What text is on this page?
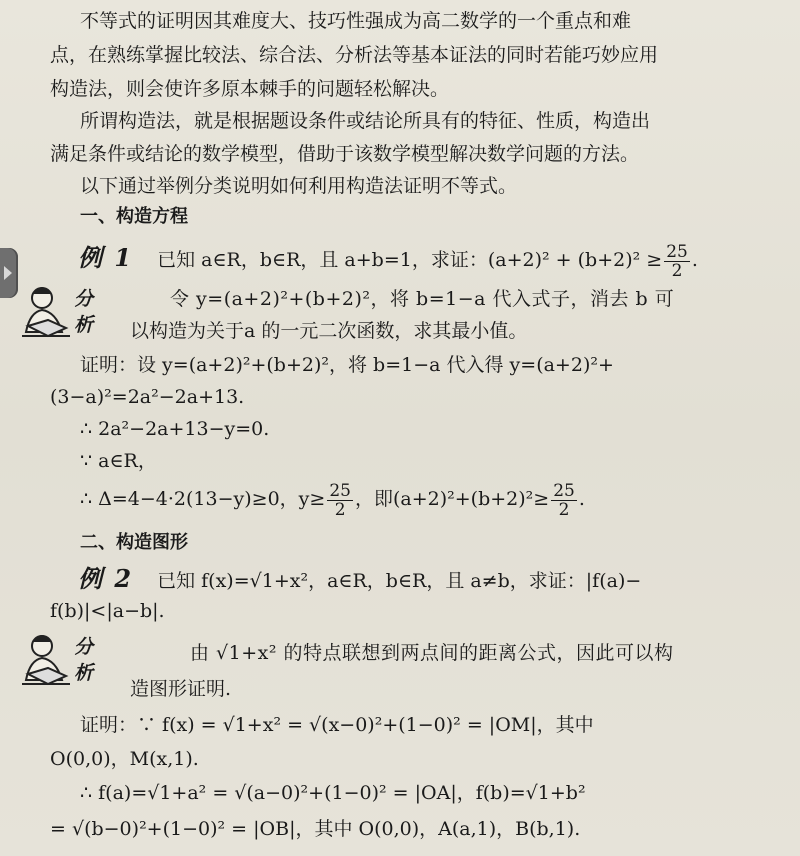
不等式的证明因其难度大、技巧性强成为高二数学的一个重点和难
点，在熟练掌握比较法、综合法、分析法等基本证法的同时若能巧妙应用
构造法，则会使许多原本棘手的问题轻松解决。
所谓构造法，就是根据题设条件或结论所具有的特征、性质，构造出
满足条件或结论的数学模型，借助于该数学模型解决数学问题的方法。
以下通过举例分类说明如何利用构造法证明不等式。
一、构造方程
例 1 已知 a∈R，b∈R，且 a+b=1，求证：$(a+2)^2 + (b+2)^2 \ge \frac{25}{2}$ .
分
析
令 y=(a+2)²+(b+2)²，将 b=1−a 代入式子，消去 b 可
以构造为关于a 的一元二次函数，求其最小值。
证明：设 y=(a+2)²+(b+2)²，将 b=1−a 代入得 y=(a+2)²+
(3−a)²=2a²−2a+13.
∴ 2a²−2a+13−y=0.
∵ a∈R，
∴ Δ=4−4·2(13−y)≥0，$y\ge \frac{25}{2}$ ，即$(a+2)^2+(b+2)^2\ge \frac{25}{2}$ .
二、构造图形
例 2 已知 f(x)=√1+x²，a∈R，b∈R，且 a≠b，求证：|f(a)−
f(b)|<|a−b|.
分
析
由 √1+x² 的特点联想到两点间的距离公式，因此可以构
造图形证明.
证明：∵ f(x) = √1+x² = √(x−0)²+(1−0)² = |OM|，其中
O(0,0)，M(x,1).
∴ f(a)=√1+a² = √(a−0)²+(1−0)² = |OA|，f(b)=√1+b²
= √(b−0)²+(1−0)² = |OB|，其中 O(0,0)，A(a,1)，B(b,1).
